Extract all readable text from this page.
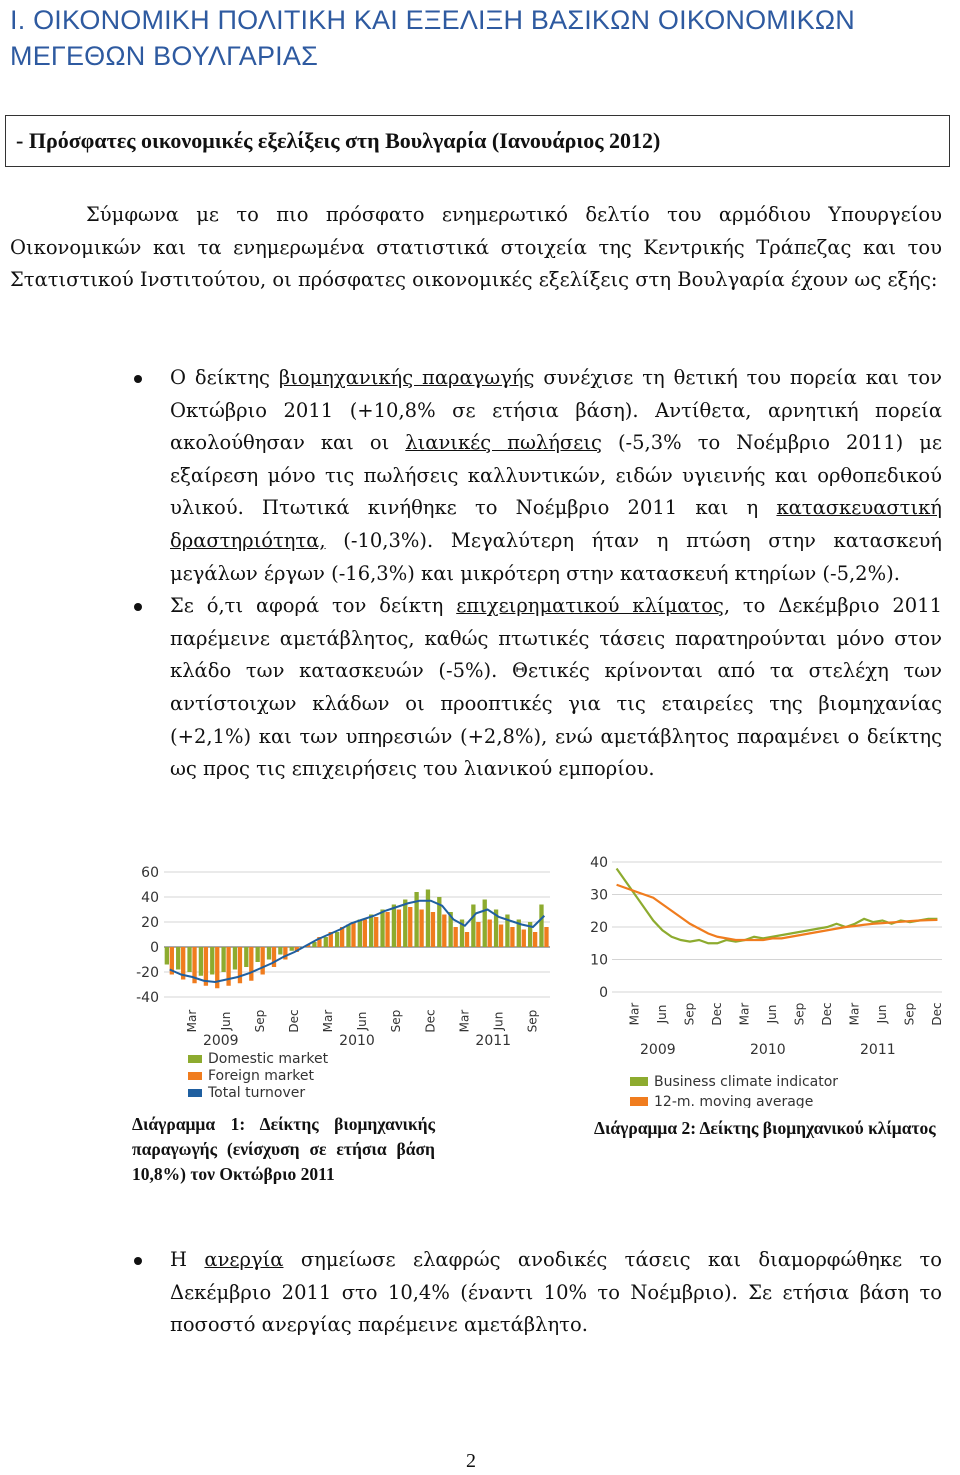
Ι. ΟΙΚΟΝΟΜΙΚΗ ΠΟΛΙΤΙΚΗ ΚΑΙ ΕΞΕΛΙΞΗ ΒΑΣΙΚΩΝ ΟΙΚΟΝΟΜΙΚΩΝ ΜΕΓΕΘΩΝ ΒΟΥΛΓΑΡΙΑΣ

- Πρόσφατες οικονομικές εξελίξεις στη Βουλγαρία (Ιανουάριος 2012)

Σύμφωνα με το πιο πρόσφατο ενημερωτικό δελτίο του αρμόδιου Υπουργείου Οικονομικών και τα ενημερωμένα στατιστικά στοιχεία της Κεντρικής Τράπεζας και του Στατιστικού Ινστιτούτου, οι πρόσφατες οικονομικές εξελίξεις στη Βουλγαρία έχουν ως εξής:

Ο δείκτης βιομηχανικής παραγωγής συνέχισε τη θετική του πορεία και τον Οκτώβριο 2011 (+10,8% σε ετήσια βάση). Αντίθετα, αρνητική πορεία ακολούθησαν και οι λιανικές πωλήσεις (-5,3% το Νοέμβριο 2011) με εξαίρεση μόνο τις πωλήσεις καλλυντικών, ειδών υγιεινής και ορθοπεδικού υλικού. Πτωτικά κινήθηκε το Νοέμβριο 2011 και η κατασκευαστική δραστηριότητα, (-10,3%). Μεγαλύτερη ήταν η πτώση στην κατασκευή μεγάλων έργων (-16,3%) και μικρότερη στην κατασκευή κτηρίων (-5,2%).
Σε ό,τι αφορά τον δείκτη επιχειρηματικού κλίματος, το Δεκέμβριο 2011 παρέμεινε αμετάβλητος, καθώς πτωτικές τάσεις παρατηρούνται μόνο στον κλάδο των κατασκευών (-5%). Θετικές κρίνονται από τα στελέχη των αντίστοιχων κλάδων οι προοπτικές για τις εταιρείες της βιομηχανίας (+2,1%) και των υπηρεσιών (+2,8%), ενώ αμετάβλητος παραμένει ο δείκτης ως προς τις επιχειρήσεις του λιανικού εμπορίου.
60
40
20
0
-20
-40
Mar Jun Sep Dec Mar Jun Sep Dec Mar Jun Sep
2009	2010	2011
Domestic market
Foreign market
Total turnover
40
30
20
10
0
Mar Jun Sep Dec Mar Jun Sep Dec Mar Jun Sep Dec
2009	2010	2011
Business climate indicator
12-m. moving average

Διάγραμμα 1: Δείκτης βιομηχανικής παραγωγής (ενίσχυση σε ετήσια βάση 10,8%) τον Οκτώβριο 2011

Διάγραμμα 2: Δείκτης βιομηχανικού κλίματος

Η ανεργία σημείωσε ελαφρώς ανοδικές τάσεις και διαμορφώθηκε το Δεκέμβριο 2011 στο 10,4% (έναντι 10% το Νοέμβριο). Σε ετήσια βάση το ποσοστό ανεργίας παρέμεινε αμετάβλητο.
2
